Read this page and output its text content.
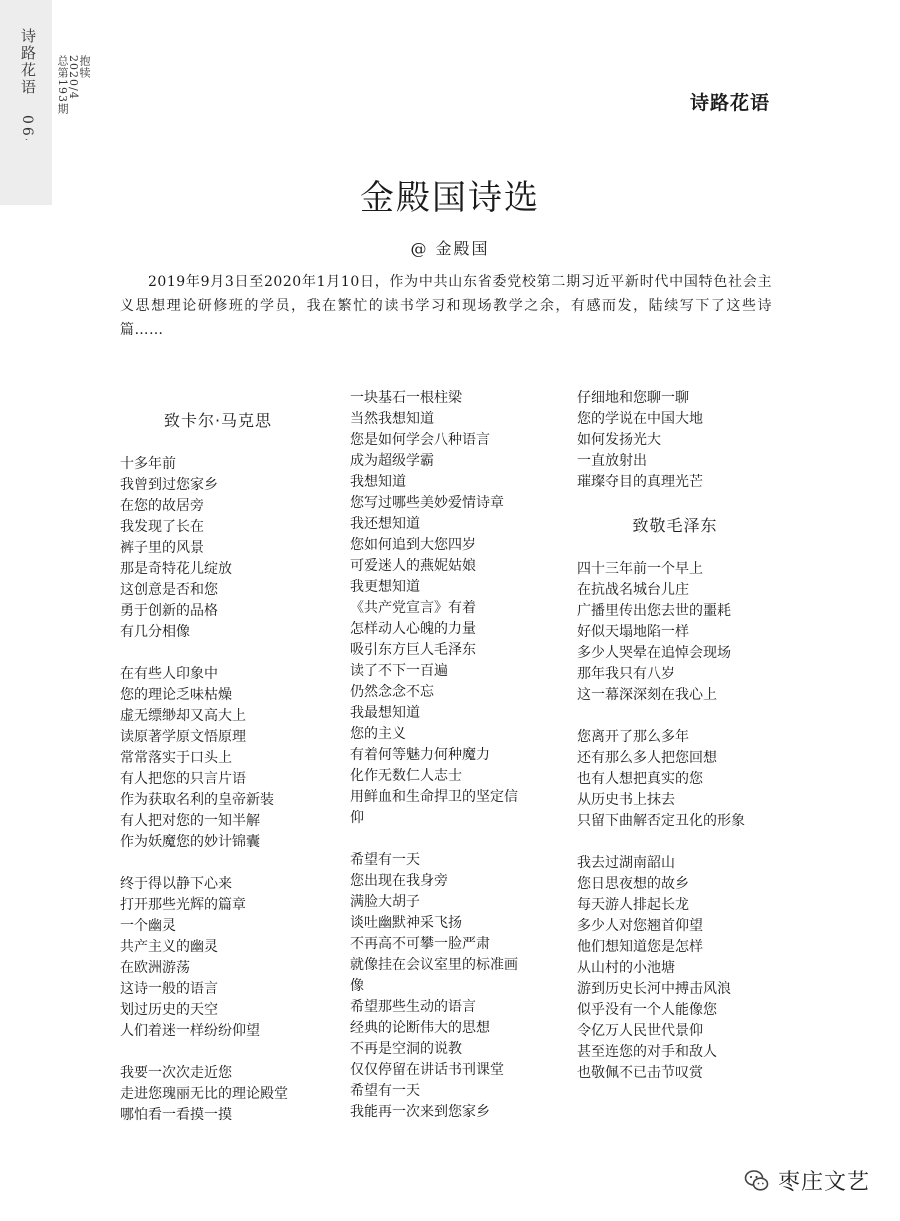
诗路花语
064
抱犊
2020/4
总第193期	诗路花语
金殿国诗选
@ 金殿国
2019年9月3日至2020年1月10日，作为中共山东省委党校第二期习近平新时代中国特色社会主义思想理论研修班的学员，我在繁忙的读书学习和现场教学之余，有感而发，陆续写下了这些诗篇……
致卡尔·马克思
十多年前
我曾到过您家乡
在您的故居旁
我发现了长在
裤子里的风景
那是奇特花儿绽放
这创意是否和您
勇于创新的品格
有几分相像
在有些人印象中
您的理论乏味枯燥
虚无缥缈却又高大上
读原著学原文悟原理
常常落实于口头上
有人把您的只言片语
作为获取名利的皇帝新装
有人把对您的一知半解
作为妖魔您的妙计锦囊
终于得以静下心来
打开那些光辉的篇章
一个幽灵
共产主义的幽灵
在欧洲游荡
这诗一般的语言
划过历史的天空
人们着迷一样纷纷仰望
我要一次次走近您
走进您瑰丽无比的理论殿堂
哪怕看一看摸一摸
一块基石一根柱梁
当然我想知道
您是如何学会八种语言
成为超级学霸
我想知道
您写过哪些美妙爱情诗章
我还想知道
您如何追到大您四岁
可爱迷人的燕妮姑娘
我更想知道
《共产党宣言》有着
怎样动人心魄的力量
吸引东方巨人毛泽东
读了不下一百遍
仍然念念不忘
我最想知道
您的主义
有着何等魅力何种魔力
化作无数仁人志士
用鲜血和生命捍卫的坚定信
仰
希望有一天
您出现在我身旁
满脸大胡子
谈吐幽默神采飞扬
不再高不可攀一脸严肃
就像挂在会议室里的标准画
像
希望那些生动的语言
经典的论断伟大的思想
不再是空洞的说教
仅仅停留在讲话书刊课堂
希望有一天
我能再一次来到您家乡
仔细地和您聊一聊
您的学说在中国大地
如何发扬光大
一直放射出
璀璨夺目的真理光芒
致敬毛泽东
四十三年前一个早上
在抗战名城台儿庄
广播里传出您去世的噩耗
好似天塌地陷一样
多少人哭晕在追悼会现场
那年我只有八岁
这一幕深深刻在我心上
您离开了那么多年
还有那么多人把您回想
也有人想把真实的您
从历史书上抹去
只留下曲解否定丑化的形象
我去过湖南韶山
您日思夜想的故乡
每天游人排起长龙
多少人对您翘首仰望
他们想知道您是怎样
从山村的小池塘
游到历史长河中搏击风浪
似乎没有一个人能像您
令亿万人民世代景仰
甚至连您的对手和敌人
也敬佩不已击节叹赏
枣庄文艺
